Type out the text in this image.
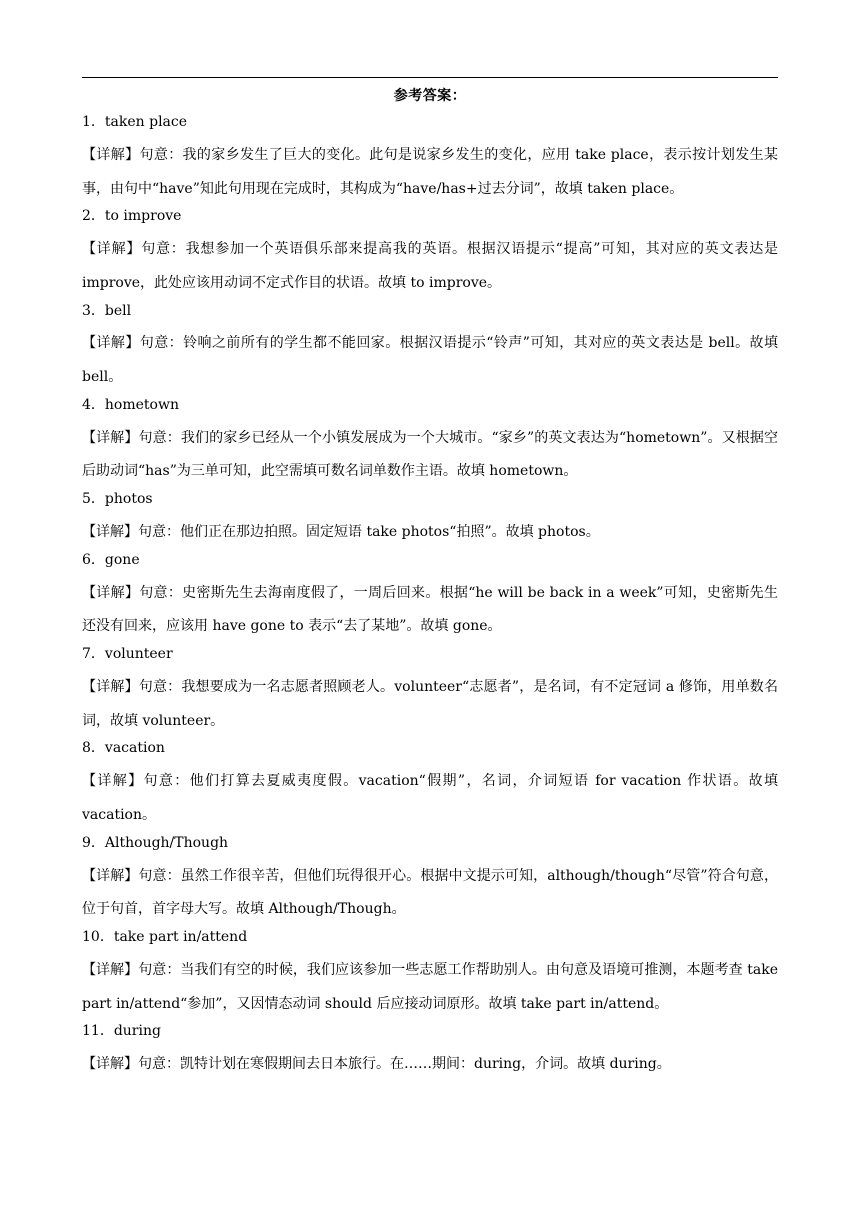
参考答案：
1．taken place
【详解】句意：我的家乡发生了巨大的变化。此句是说家乡发生的变化，应用 take place，表示按计划发生某事，由句中“have”知此句用现在完成时，其构成为“have/has+过去分词”，故填 taken place。
2．to improve
【详解】句意：我想参加一个英语俱乐部来提高我的英语。根据汉语提示“提高”可知，其对应的英文表达是 improve，此处应该用动词不定式作目的状语。故填 to improve。
3．bell
【详解】句意：铃响之前所有的学生都不能回家。根据汉语提示“铃声”可知，其对应的英文表达是 bell。故填 bell。
4．hometown
【详解】句意：我们的家乡已经从一个小镇发展成为一个大城市。“家乡”的英文表达为“hometown”。又根据空后助动词“has”为三单可知，此空需填可数名词单数作主语。故填 hometown。
5．photos
【详解】句意：他们正在那边拍照。固定短语 take photos“拍照”。故填 photos。
6．gone
【详解】句意：史密斯先生去海南度假了，一周后回来。根据“he will be back in a week”可知，史密斯先生还没有回来，应该用 have gone to 表示“去了某地”。故填 gone。
7．volunteer
【详解】句意：我想要成为一名志愿者照顾老人。volunteer“志愿者”，是名词，有不定冠词 a 修饰，用单数名词，故填 volunteer。
8．vacation
【详解】句意：他们打算去夏威夷度假。vacation“假期”，名词，介词短语 for vacation 作状语。故填 vacation。
9．Although/Though
【详解】句意：虽然工作很辛苦，但他们玩得很开心。根据中文提示可知，although/though“尽管”符合句意，位于句首，首字母大写。故填 Although/Though。
10．take part in/attend
【详解】句意：当我们有空的时候，我们应该参加一些志愿工作帮助别人。由句意及语境可推测，本题考查 take part in/attend“参加”，又因情态动词 should 后应接动词原形。故填 take part in/attend。
11．during
【详解】句意：凯特计划在寒假期间去日本旅行。在……期间：during，介词。故填 during。
